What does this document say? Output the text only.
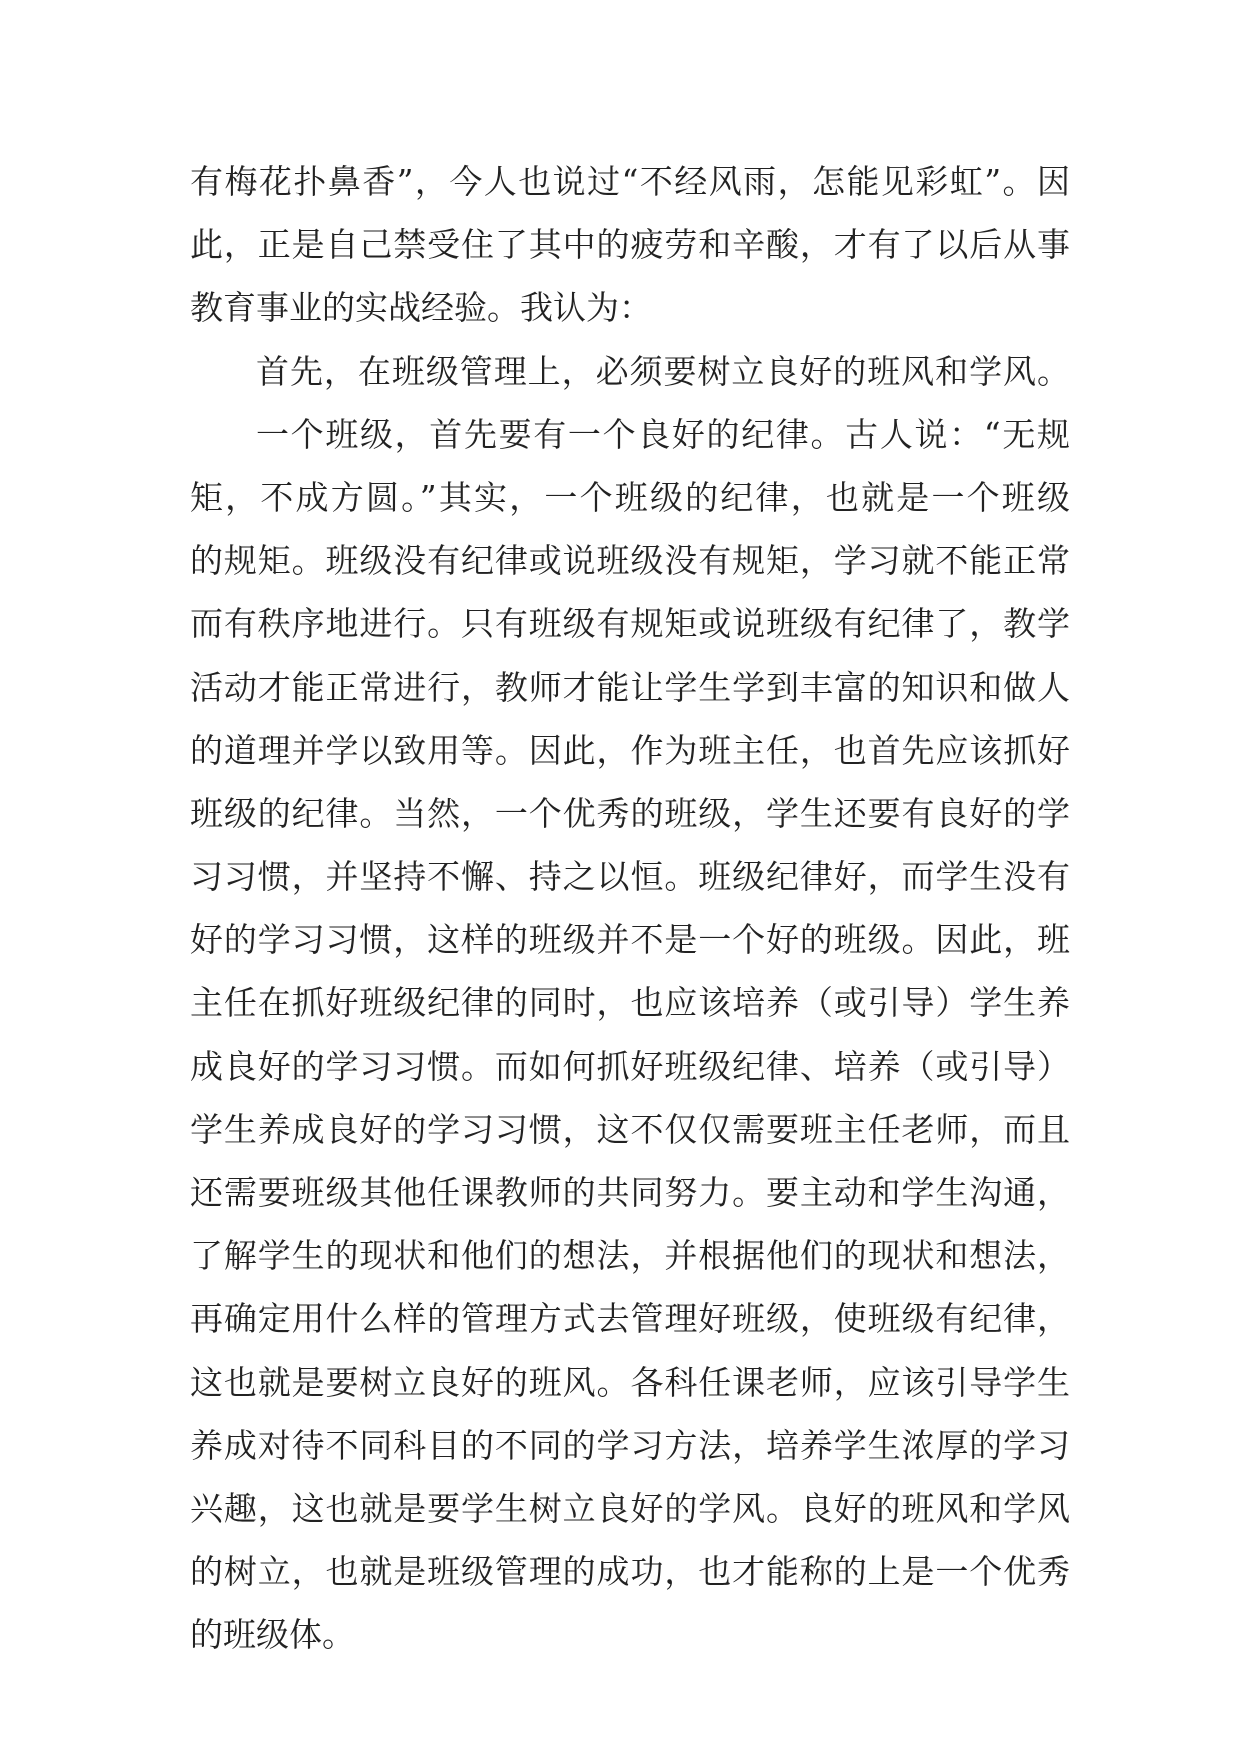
有梅花扑鼻香”，今人也说过“不经风雨，怎能见彩虹”。因
此，正是自己禁受住了其中的疲劳和辛酸，才有了以后从事
教育事业的实战经验。我认为：
首先，在班级管理上，必须要树立良好的班风和学风。
一个班级，首先要有一个良好的纪律。古人说：“无规
矩，不成方圆。”其实，一个班级的纪律，也就是一个班级
的规矩。班级没有纪律或说班级没有规矩，学习就不能正常
而有秩序地进行。只有班级有规矩或说班级有纪律了，教学
活动才能正常进行，教师才能让学生学到丰富的知识和做人
的道理并学以致用等。因此，作为班主任，也首先应该抓好
班级的纪律。当然，一个优秀的班级，学生还要有良好的学
习习惯，并坚持不懈、持之以恒。班级纪律好，而学生没有
好的学习习惯，这样的班级并不是一个好的班级。因此，班
主任在抓好班级纪律的同时，也应该培养（或引导）学生养
成良好的学习习惯。而如何抓好班级纪律、培养（或引导）
学生养成良好的学习习惯，这不仅仅需要班主任老师，而且
还需要班级其他任课教师的共同努力。要主动和学生沟通，
了解学生的现状和他们的想法，并根据他们的现状和想法，
再确定用什么样的管理方式去管理好班级，使班级有纪律，
这也就是要树立良好的班风。各科任课老师，应该引导学生
养成对待不同科目的不同的学习方法，培养学生浓厚的学习
兴趣，这也就是要学生树立良好的学风。良好的班风和学风
的树立，也就是班级管理的成功，也才能称的上是一个优秀
的班级体。
